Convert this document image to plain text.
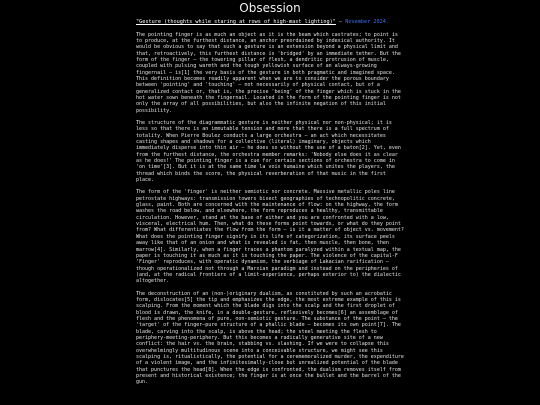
Obsession
"Gesture (thoughts while staring at rows of high-mast lighting)" — November 2024.

The pointing finger is as much an object as it is the beam which castrates; to point is to produce, at the furthest distance, an anchor preordained by indexical authority. It would be obvious to say that such a gesture is an extension beyond a physical limit and that, retroactively, this furthest distance is 'bridged' by an immediate tether. But the form of the finger — the towering pillar of flesh, a dendritic protrusion of muscle, coupled with pulsing warmth and the tough yellowish surface of an always-growing fingernail — is[1] the very basis of the gesture in both pragmatic and imagined space. This definition becomes readily apparent when we are to consider the porous boundary between 'pointing' and 'touching' — not necessarily of physical contact, but of a generalized contact or, that is, the precise 'being' of the finger which is stuck in the hot water sown beneath the fingernail. Located in the form of the pointing finger is not only the array of all possibilities, but also the infinite negation of this initial possibility.

The structure of the diagrammatic gesture is neither physical nor non-physical; it is less so that there is an immutable tension and more that there is a full spectrum of totality. When Pierre Boulez conducts a large orchestra — an act which necessitates casting shapes and shadows for a collective (literal) imaginary, objects which immediately disperse into thin air — he does so without the use of a baton[2]. Yet, even from the furthest distance, the orchestra member remarks: 'Nobody else does it as clear as he does!' The pointing finger is a cue for certain sections of orchestra to come in 'on time'[3]. But it is at the same time la voix humaine which unites the players, the thread which binds the score, the physical reverberation of that music in the first place.

The form of the 'finger' is neither semiotic nor concrete. Massive metallic poles line petrostate highways: transmission towers bisect geographies of technopolitic concrete, glass, paint. Both are concerned with the maintenance of flow: on the highway, the form washes the road below, and elsewhere, the form reproduces a healthy, transmittable circulation. However, stand at the base of either and you are confronted with a low, visceral, electrical hum. Then, what do these forms point towards, or what do they point from? What differentiates the flow from the form — is it a matter of object vs. movement? What does the pointing finger signify in its life of categorization, its surface peels away like that of an onion and what is revealed is fat, then muscle, then bone, then marrow[4]. Similarly, when a finger traces a phantom paralyzed within a textual map, the paper is touching it as much as it is touching the paper. The violence of the capital-F 'Finger' reproduces, with operatic dynamism, the verbiage of Lakacian rarification — though operationalized not through a Marxian paradigm and instead on the peripheries of (and, at the radical frontiers of a limit-experience, perhaps exterior to) the dialectic altogether.

The deconstruction of an (non-)originary dualism, as constituted by such an acrobatic form, dislocates[5] the tip and emphasizes the edge, the most extreme example of this is scalping. From the moment which the blade digs into the scalp and the first droplet of blood is drawn, the knife, in a double-gesture, reflexively becomes[6] an assemblage of flesh and the phenomena of pure, non-semiotic gesture. The substance of the point — the 'target' of the finger—pure structure of a phallic blade — becomes its own point[7]. The blade, carving into the scalp, is above the head; the steel meeting the flesh to periphery-meeting-periphery. But this becomes a radically generative site of a new conflict: the hair vs. the brain, stabbing vs. slashing. If we were to collapse this overwhelmingly multitudinous scene into a conceivable structure, we might see this scalping is, ritualistically, the potential for a cerememoralized murder, the expenditure of a violent image, and the infinitesimally-close but unrealized potential of the blade that punctures the head[8]. When the edge is confronted, the dualism removes itself from present and historical existence; the finger is at once the bullet and the barrel of the gun.
